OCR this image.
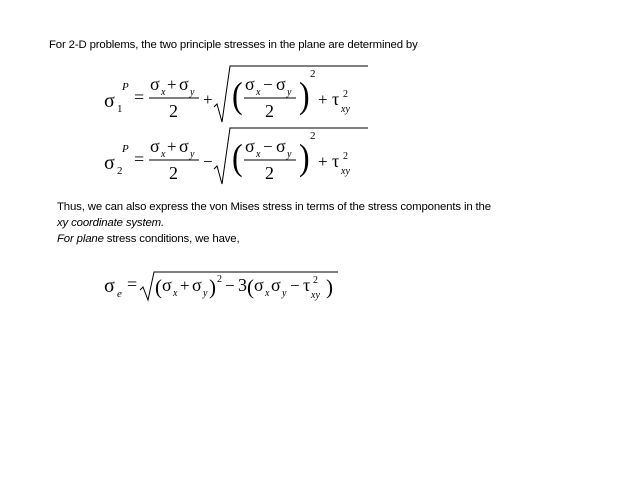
For 2-D problems, the two principle stresses in the plane are determined by
σ 1
P =
σ x + σ y
2
+ ( σ x − σ y
2 )
2
+ τ 2
xy
σ 2
P =
σ x + σ y
2
− ( σ x − σ y
2 )
2
+ τ 2
xy
Thus, we can also express the von Mises stress in terms of the stress components in the
xy coordinate system.
For plane stress conditions, we have,
σ e = ( σ x + σ y ) 2 − 3 ( σ x σ y − τ 2
xy )
